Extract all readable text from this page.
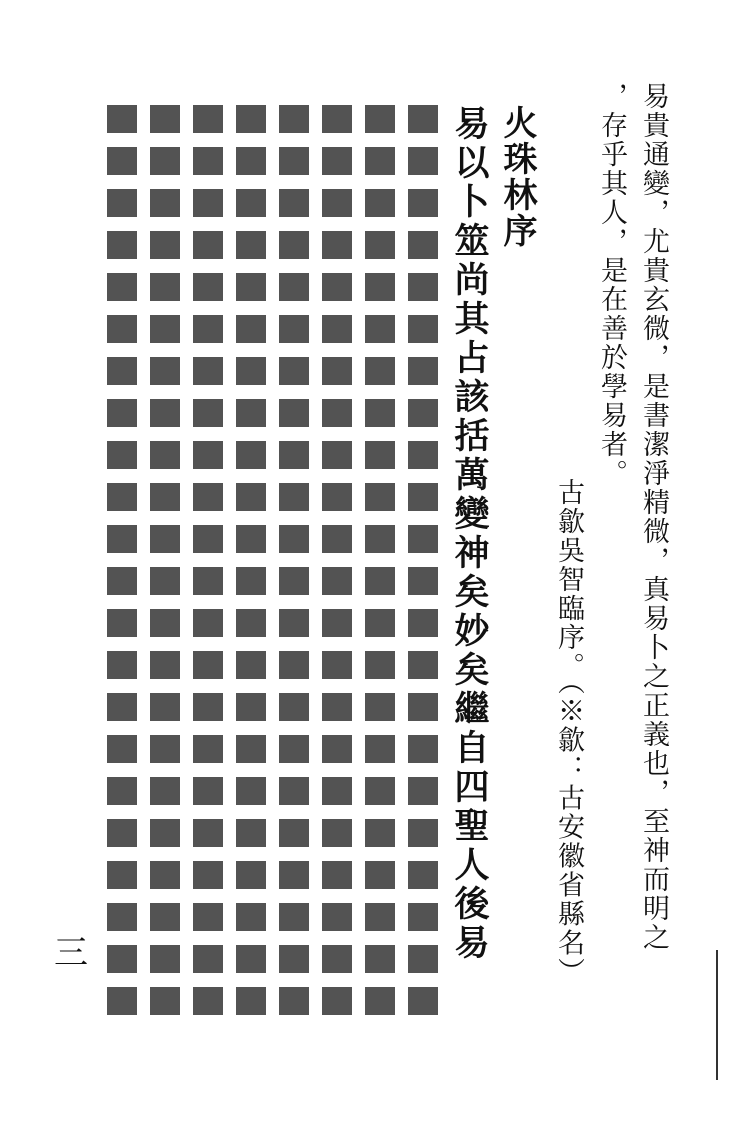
易貴通變，尤貴玄微，是書潔淨精微，真易卜之正義也，至神而明之
，存乎其人，是在善於學易者。
古歙吳智臨序。（※歙：古安徽省縣名）
火珠林序
易以卜筮尚其占該括萬變神矣妙矣繼自四聖人後易
三
